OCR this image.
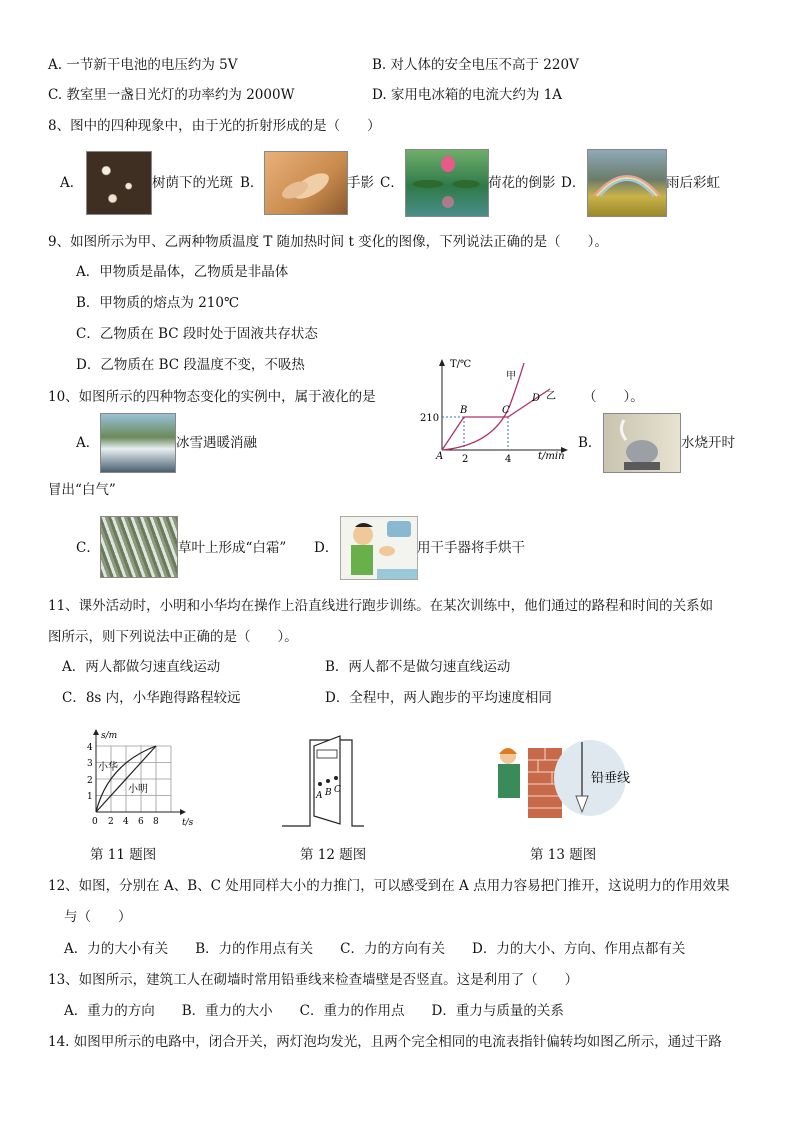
A. 一节新干电池的电压约为 5V	B. 对人体的安全电压不高于 220V
C. 教室里一盏日光灯的功率约为 2000W	D. 家用电冰箱的电流大约为 1A
8、图中的四种现象中，由于光的折射形成的是（　　）
A．	树荫下的光斑 B．	手影 C．	荷花的倒影 D．	雨后彩虹
9、如图所示为甲、乙两种物质温度 T 随加热时间 t 变化的图像，下列说法正确的是（　　）。
A．甲物质是晶体，乙物质是非晶体
B．甲物质的熔点为 210℃
C．乙物质在 BC 段时处于固液共存状态
D．乙物质在 BC 段温度不变，不吸热	T/℃
t/min
210
2	4
A
B	C
D
甲
乙
10、如图所示的四种物态变化的实例中，属于液化的是	（　　）。
A．	冰雪遇暖消融	B．	水烧开时
冒出“白气”
C．	草叶上形成“白霜” D．	用干手器将手烘干
11、课外活动时，小明和小华均在操作上沿直线进行跑步训练。在某次训练中，他们通过的路程和时间的关系如
图所示，则下列说法中正确的是（　　）。
A．两人都做匀速直线运动	B．两人都不是做匀速直线运动
C．8s 内，小华跑得路程较远	D．全程中，两人跑步的平均速度相同
s/m
t/s
1
2
3
4
0 2 4 6 8
小华
小明
A B C
铅垂线
第 11 题图	第 12 题图	第 13 题图
12、如图，分别在 A、B、C 处用同样大小的力推门，可以感受到在 A 点用力容易把门推开，这说明力的作用效果
与（　　）
A．力的大小有关　　B．力的作用点有关　　C．力的方向有关　　D．力的大小、方向、作用点都有关
13、如图所示，建筑工人在砌墙时常用铅垂线来检查墙壁是否竖直。这是利用了（　　）
A．重力的方向　　B．重力的大小　　C．重力的作用点　　D．重力与质量的关系
14. 如图甲所示的电路中，闭合开关，两灯泡均发光，且两个完全相同的电流表指针偏转均如图乙所示，通过干路
